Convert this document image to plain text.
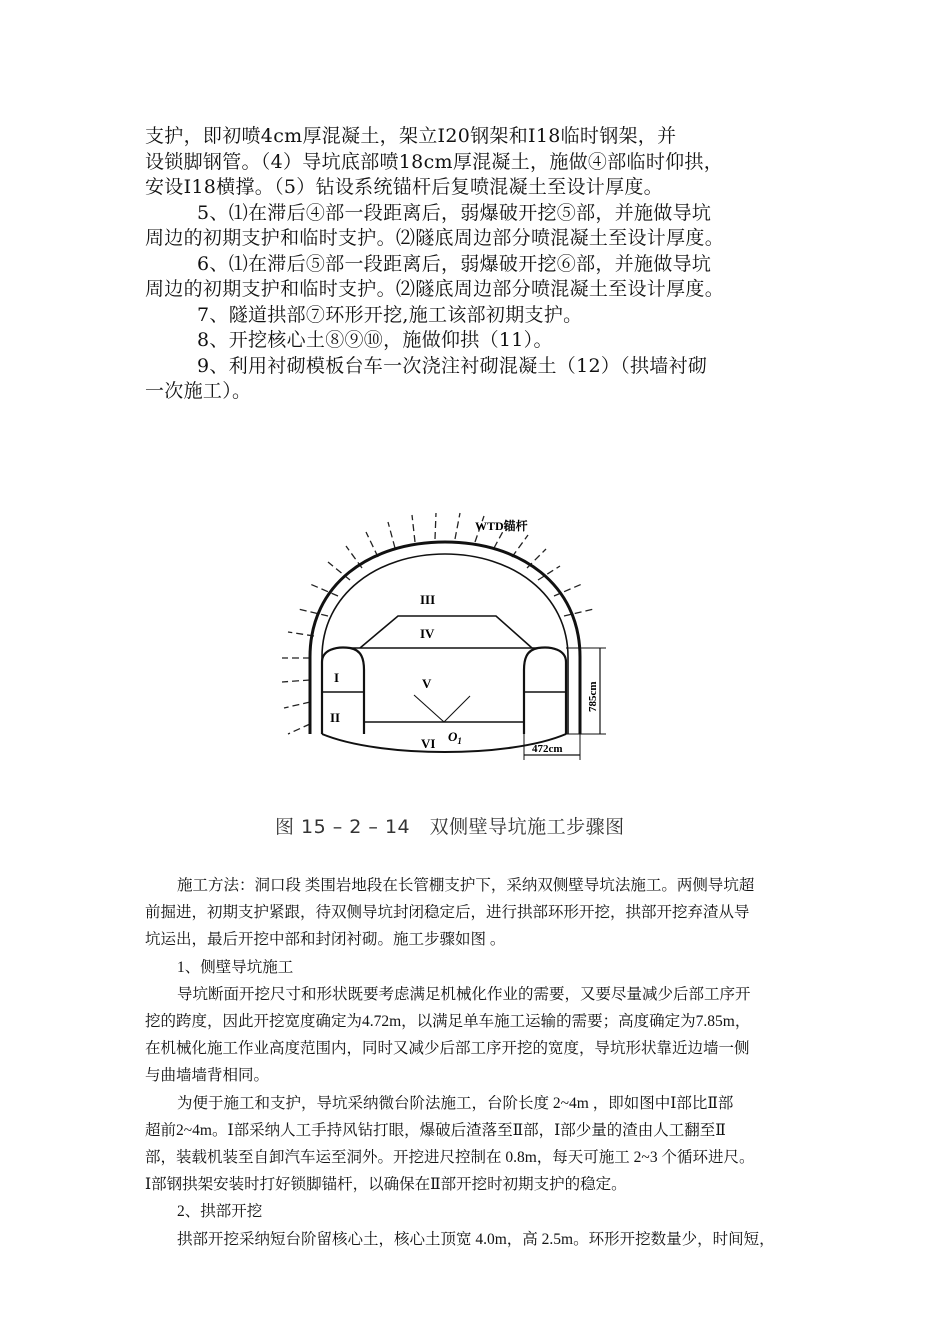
支护，即初喷4cm厚混凝土，架立Ⅰ20钢架和Ⅰ18临时钢架，并

设锁脚钢管。（4）导坑底部喷18cm厚混凝土，施做④部临时仰拱，

安设Ⅰ18横撑。（5）钻设系统锚杆后复喷混凝土至设计厚度。

5、⑴在滞后④部一段距离后，弱爆破开挖⑤部，并施做导坑

周边的初期支护和临时支护。⑵隧底周边部分喷混凝土至设计厚度。

6、⑴在滞后⑤部一段距离后，弱爆破开挖⑥部，并施做导坑

周边的初期支护和临时支护。⑵隧底周边部分喷混凝土至设计厚度。

7、隧道拱部⑦环形开挖,施工该部初期支护。

8、开挖核心土⑧⑨⑩，施做仰拱（11）。

9、利用衬砌模板台车一次浇注衬砌混凝土（12）（拱墙衬砌

一次施工）。

WTD锚杆
I
II
III
IV
V
VI $O_1$
785cm
472cm
图 15 – 2 – 14　双侧壁导坑施工步骤图

施工方法：洞口段 类围岩地段在长管棚支护下，采纳双侧壁导坑法施工。两侧导坑超

前掘进，初期支护紧跟，待双侧导坑封闭稳定后，进行拱部环形开挖，拱部开挖弃渣从导

坑运出，最后开挖中部和封闭衬砌。施工步骤如图 。

1、侧壁导坑施工

导坑断面开挖尺寸和形状既要考虑满足机械化作业的需要，又要尽量减少后部工序开

挖的跨度，因此开挖宽度确定为4.72m，以满足单车施工运输的需要；高度确定为7.85m，

在机械化施工作业高度范围内，同时又减少后部工序开挖的宽度，导坑形状靠近边墙一侧

与曲墙墙背相同。

为便于施工和支护，导坑采纳微台阶法施工，台阶长度 2~4m ，即如图中Ⅰ部比Ⅱ部

超前2~4m。Ⅰ部采纳人工手持风钻打眼，爆破后渣落至Ⅱ部，Ⅰ部少量的渣由人工翻至Ⅱ

部，装载机装至自卸汽车运至洞外。开挖进尺控制在 0.8m，每天可施工 2~3 个循环进尺。

Ⅰ部钢拱架安装时打好锁脚锚杆，以确保在Ⅱ部开挖时初期支护的稳定。

2、拱部开挖

拱部开挖采纳短台阶留核心土，核心土顶宽 4.0m，高 2.5m。环形开挖数量少，时间短，
